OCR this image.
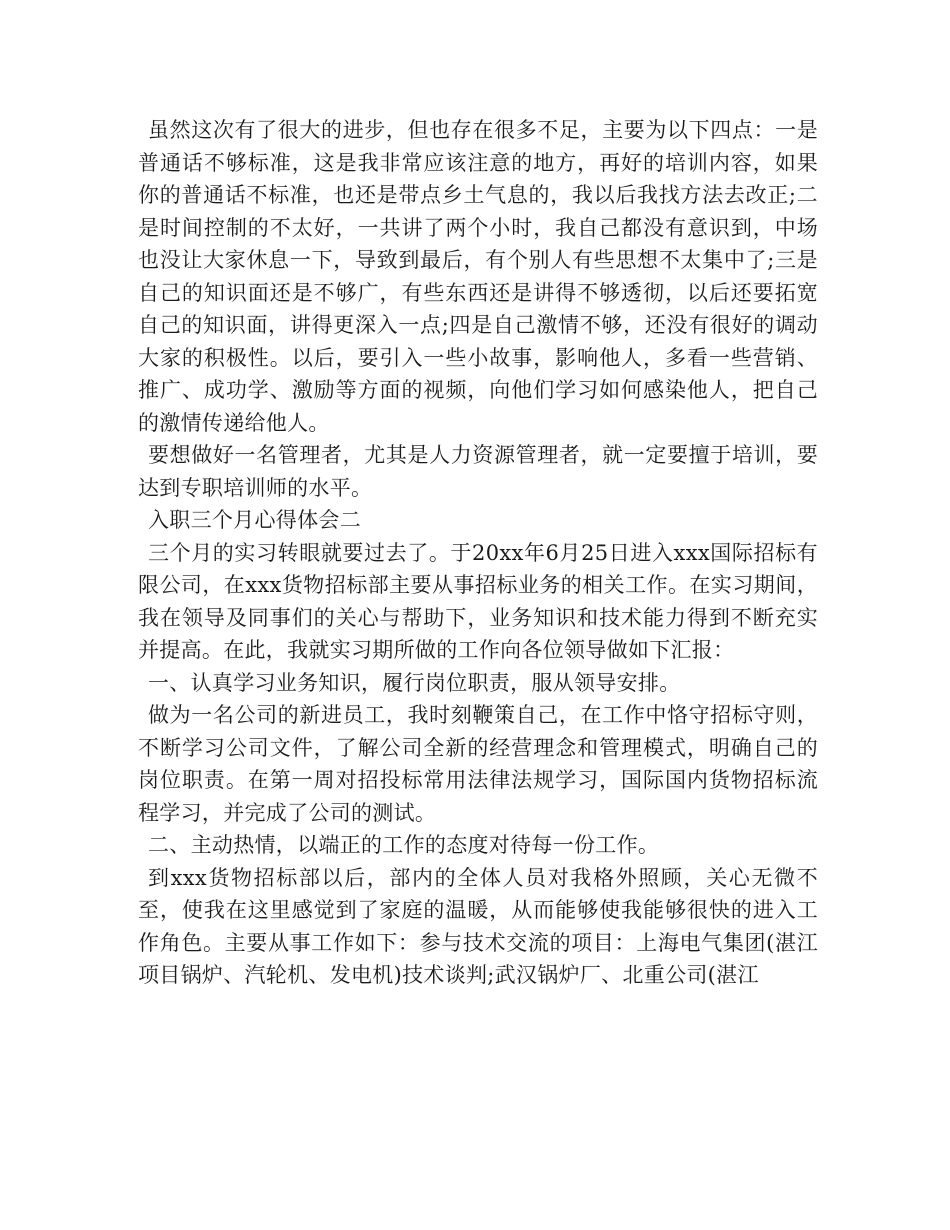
虽然这次有了很大的进步，但也存在很多不足，主要为以下四点：一是普通话不够标准，这是我非常应该注意的地方，再好的培训内容，如果你的普通话不标准，也还是带点乡土气息的，我以后我找方法去改正;二是时间控制的不太好，一共讲了两个小时，我自己都没有意识到，中场也没让大家休息一下，导致到最后，有个别人有些思想不太集中了;三是自己的知识面还是不够广，有些东西还是讲得不够透彻，以后还要拓宽自己的知识面，讲得更深入一点;四是自己激情不够，还没有很好的调动大家的积极性。以后，要引入一些小故事，影响他人，多看一些营销、推广、成功学、激励等方面的视频，向他们学习如何感染他人，把自己的激情传递给他人。

要想做好一名管理者，尤其是人力资源管理者，就一定要擅于培训，要达到专职培训师的水平。

入职三个月心得体会二

三个月的实习转眼就要过去了。于20xx年6月25日进入xxx国际招标有限公司，在xxx货物招标部主要从事招标业务的相关工作。在实习期间，我在领导及同事们的关心与帮助下，业务知识和技术能力得到不断充实并提高。在此，我就实习期所做的工作向各位领导做如下汇报：

一、认真学习业务知识，履行岗位职责，服从领导安排。

做为一名公司的新进员工，我时刻鞭策自己，在工作中恪守招标守则，不断学习公司文件，了解公司全新的经营理念和管理模式，明确自己的岗位职责。在第一周对招投标常用法律法规学习，国际国内货物招标流程学习，并完成了公司的测试。

二、主动热情，以端正的工作的态度对待每一份工作。

到xxx货物招标部以后，部内的全体人员对我格外照顾，关心无微不至，使我在这里感觉到了家庭的温暖，从而能够使我能够很快的进入工作角色。主要从事工作如下：参与技术交流的项目：上海电气集团(湛江项目锅炉、汽轮机、发电机)技术谈判;武汉锅炉厂、北重公司(湛江
